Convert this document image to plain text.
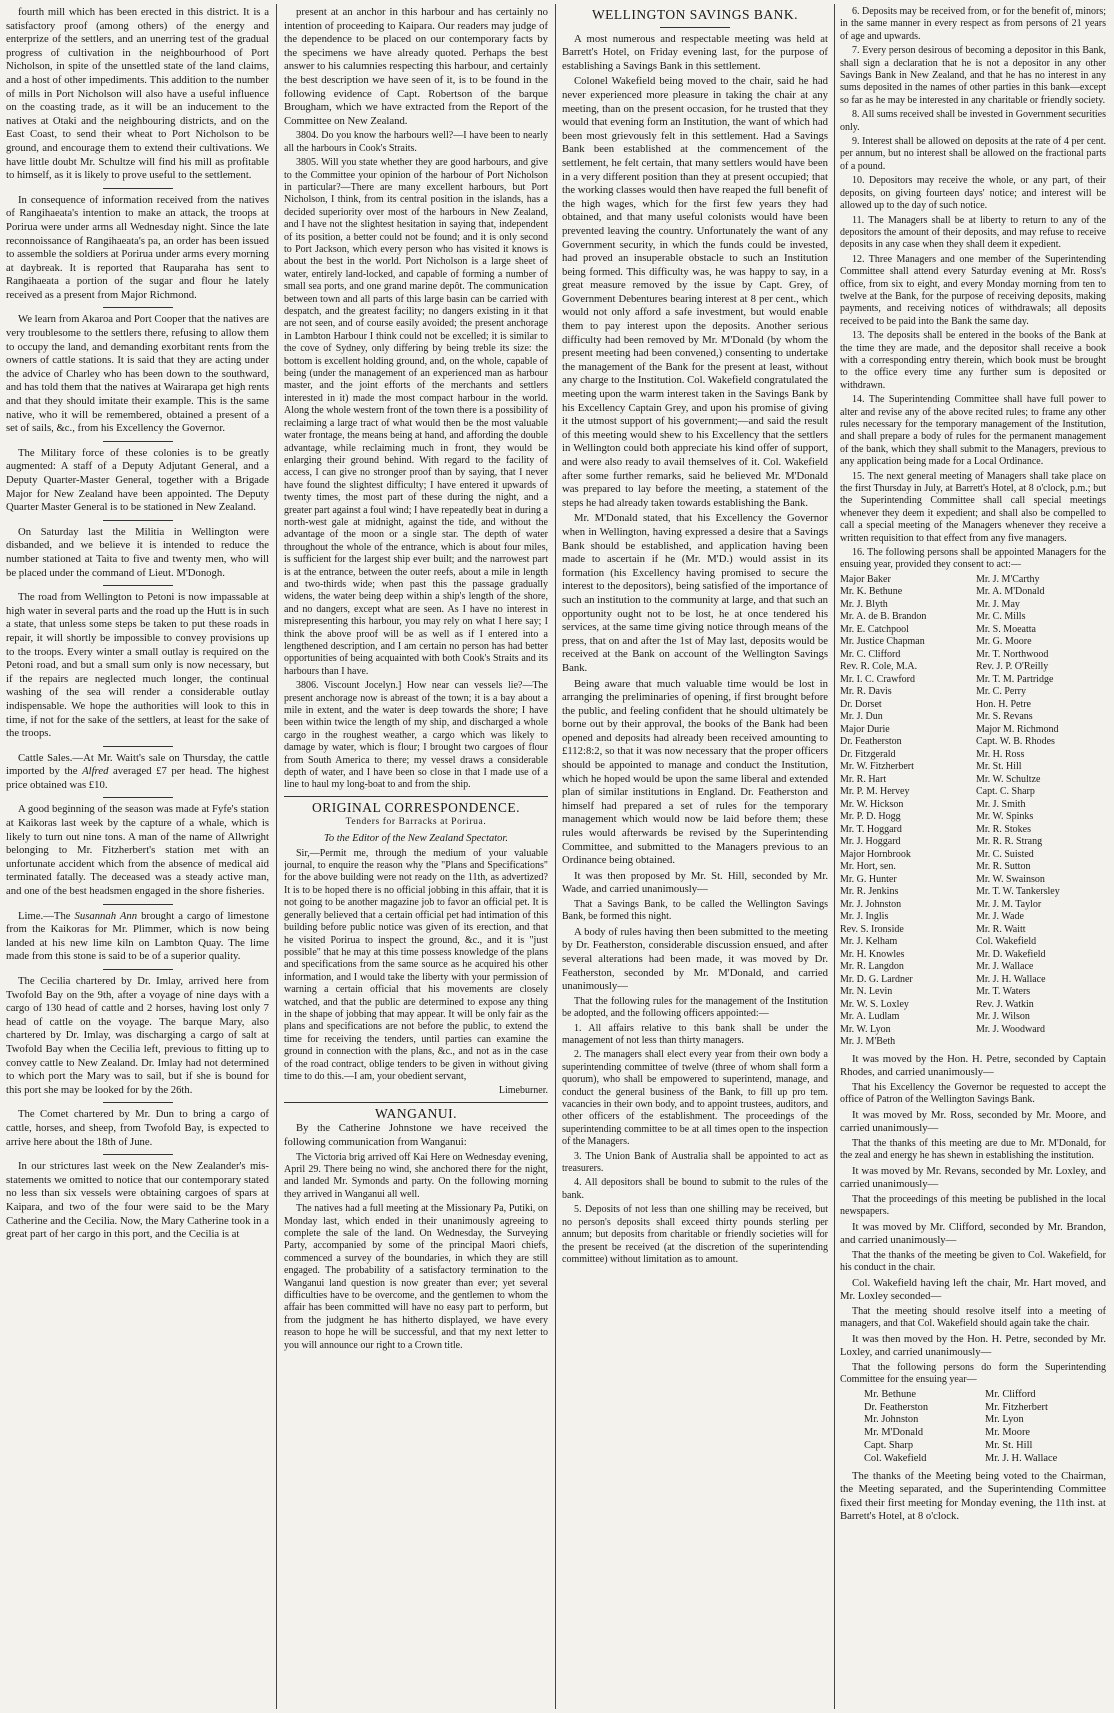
fourth mill which has been erected in this district. It is a satisfactory proof (among others) of the energy and enterprize of the settlers, and an unerring test of the gradual progress of cultivation in the neighbourhood of Port Nicholson, in spite of the unsettled state of the land claims, and a host of other impediments. This addition to the number of mills in Port Nicholson will also have a useful influence on the coasting trade, as it will be an inducement to the natives at Otaki and the neighbouring districts, and on the East Coast, to send their wheat to Port Nicholson to be ground, and encourage them to extend their cultivations. We have little doubt Mr. Schultze will find his mill as profitable to himself, as it is likely to prove useful to the settlement.

In consequence of information received from the natives of Rangihaeata's intention to make an attack, the troops at Porirua were under arms all Wednesday night. Since the late reconnoissance of Rangihaeata's pa, an order has been issued to assemble the soldiers at Porirua under arms every morning at daybreak. It is reported that Rauparaha has sent to Rangihaeata a portion of the sugar and flour he lately received as a present from Major Richmond.

We learn from Akaroa and Port Cooper that the natives are very troublesome to the settlers there, refusing to allow them to occupy the land, and demanding exorbitant rents from the owners of cattle stations. It is said that they are acting under the advice of Charley who has been down to the southward, and has told them that the natives at Wairarapa get high rents and that they should imitate their example. This is the same native, who it will be remembered, obtained a present of a set of sails, &c., from his Excellency the Governor.

The Military force of these colonies is to be greatly augmented: A staff of a Deputy Adjutant General, and a Deputy Quarter-Master General, together with a Brigade Major for New Zealand have been appointed. The Deputy Quarter Master General is to be stationed in New Zealand.

On Saturday last the Militia in Wellington were disbanded, and we believe it is intended to reduce the number stationed at Taita to five and twenty men, who will be placed under the command of Lieut. M'Donogh.

The road from Wellington to Petoni is now impassable at high water in several parts and the road up the Hutt is in such a state, that unless some steps be taken to put these roads in repair, it will shortly be impossible to convey provisions up to the troops. Every winter a small outlay is required on the Petoni road, and but a small sum only is now necessary, but if the repairs are neglected much longer, the continual washing of the sea will render a considerable outlay indispensable. We hope the authorities will look to this in time, if not for the sake of the settlers, at least for the sake of the troops.

Cattle Sales.—At Mr. Waitt's sale on Thursday, the cattle imported by the Alfred averaged £7 per head. The highest price obtained was £10.

A good beginning of the season was made at Fyfe's station at Kaikoras last week by the capture of a whale, which is likely to turn out nine tons. A man of the name of Allwright belonging to Mr. Fitzherbert's station met with an unfortunate accident which from the absence of medical aid terminated fatally. The deceased was a steady active man, and one of the best headsmen engaged in the shore fisheries.

Lime.—The Susannah Ann brought a cargo of limestone from the Kaikoras for Mr. Plimmer, which is now being landed at his new lime kiln on Lambton Quay. The lime made from this stone is said to be of a superior quality.

The Cecilia chartered by Dr. Imlay, arrived here from Twofold Bay on the 9th, after a voyage of nine days with a cargo of 130 head of cattle and 2 horses, having lost only 7 head of cattle on the voyage. The barque Mary, also chartered by Dr. Imlay, was discharging a cargo of salt at Twofold Bay when the Cecilia left, previous to fitting up to convey cattle to New Zealand. Dr. Imlay had not determined to which port the Mary was to sail, but if she is bound for this port she may be looked for by the 26th.

The Comet chartered by Mr. Dun to bring a cargo of cattle, horses, and sheep, from Twofold Bay, is expected to arrive here about the 18th of June.

In our strictures last week on the New Zealander's mis-statements we omitted to notice that our contemporary stated no less than six vessels were obtaining cargoes of spars at Kaipara, and two of the four were said to be the Mary Catherine and the Cecilia. Now, the Mary Catherine took in a great part of her cargo in this port, and the Cecilia is at

present at an anchor in this harbour and has certainly no intention of proceeding to Kaipara. Our readers may judge of the dependence to be placed on our contemporary facts by the specimens we have already quoted. Perhaps the best answer to his calumnies respecting this harbour, and certainly the best description we have seen of it, is to be found in the following evidence of Capt. Robertson of the barque Brougham, which we have extracted from the Report of the Committee on New Zealand.

3804. Do you know the harbours well?—I have been to nearly all the harbours in Cook's Straits.

3805. Will you state whether they are good harbours, and give to the Committee your opinion of the harbour of Port Nicholson in particular?—There are many excellent harbours, but Port Nicholson, I think, from its central position in the islands, has a decided superiority over most of the harbours in New Zealand, and I have not the slightest hesitation in saying that, independent of its position, a better could not be found; and it is only second to Port Jackson, which every person who has visited it knows is about the best in the world. Port Nicholson is a large sheet of water, entirely land-locked, and capable of forming a number of small sea ports, and one grand marine depôt. The communication between town and all parts of this large basin can be carried with despatch, and the greatest facility; no dangers existing in it that are not seen, and of course easily avoided; the present anchorage in Lambton Harbour I think could not be excelled; it is similar to the cove of Sydney, only differing by being treble its size: the bottom is excellent holding ground, and, on the whole, capable of being (under the management of an experienced man as harbour master, and the joint efforts of the merchants and settlers interested in it) made the most compact harbour in the world. Along the whole western front of the town there is a possibility of reclaiming a large tract of what would then be the most valuable water frontage, the means being at hand, and affording the double advantage, while reclaiming much in front, they would be enlarging their ground behind. With regard to the facility of access, I can give no stronger proof than by saying, that I never have found the slightest difficulty; I have entered it upwards of twenty times, the most part of these during the night, and a greater part against a foul wind; I have repeatedly beat in during a north-west gale at midnight, against the tide, and without the advantage of the moon or a single star. The depth of water throughout the whole of the entrance, which is about four miles, is sufficient for the largest ship ever built; and the narrowest part is at the entrance, between the outer reefs, about a mile in length and two-thirds wide; when past this the passage gradually widens, the water being deep within a ship's length of the shore, and no dangers, except what are seen. As I have no interest in misrepresenting this harbour, you may rely on what I here say; I think the above proof will be as well as if I entered into a lengthened description, and I am certain no person has had better opportunities of being acquainted with both Cook's Straits and its harbours than I have.

3806. Viscount Jocelyn.] How near can vessels lie?—The present anchorage now is abreast of the town; it is a bay about a mile in extent, and the water is deep towards the shore; I have been within twice the length of my ship, and discharged a whole cargo in the roughest weather, a cargo which was likely to damage by water, which is flour; I brought two cargoes of flour from South America to there; my vessel draws a considerable depth of water, and I have been so close in that I made use of a line to haul my long-boat to and from the ship.

ORIGINAL CORRESPONDENCE.
Tenders for Barracks at Porirua.
To the Editor of the New Zealand Spectator.

Sir,—Permit me, through the medium of your valuable journal, to enquire the reason why the "Plans and Specifications" for the above building were not ready on the 11th, as advertized? It is to be hoped there is no official jobbing in this affair, that it is not going to be another magazine job to favor an official pet. It is generally believed that a certain official pet had intimation of this building before public notice was given of its erection, and that he visited Porirua to inspect the ground, &c., and it is "just possible" that he may at this time possess knowledge of the plans and specifications from the same source as he acquired his other information, and I would take the liberty with your permission of warning a certain official that his movements are closely watched, and that the public are determined to expose any thing in the shape of jobbing that may appear. It will be only fair as the plans and specifications are not before the public, to extend the time for receiving the tenders, until parties can examine the ground in connection with the plans, &c., and not as in the case of the road contract, oblige tenders to be given in without giving time to do this.—I am, your obedient servant,

Limeburner.

WANGANUI.

By the Catherine Johnstone we have received the following communication from Wanganui:

The Victoria brig arrived off Kai Here on Wednesday evening, April 29. There being no wind, she anchored there for the night, and landed Mr. Symonds and party. On the following morning they arrived in Wanganui all well.

The natives had a full meeting at the Missionary Pa, Putiki, on Monday last, which ended in their unanimously agreeing to complete the sale of the land. On Wednesday, the Surveying Party, accompanied by some of the principal Maori chiefs, commenced a survey of the boundaries, in which they are still engaged. The probability of a satisfactory termination to the Wanganui land question is now greater than ever; yet several difficulties have to be overcome, and the gentlemen to whom the affair has been committed will have no easy part to perform, but from the judgment he has hitherto displayed, we have every reason to hope he will be successful, and that my next letter to you will announce our right to a Crown title.

WELLINGTON SAVINGS BANK.

A most numerous and respectable meeting was held at Barrett's Hotel, on Friday evening last, for the purpose of establishing a Savings Bank in this settlement.

Colonel Wakefield being moved to the chair, said he had never experienced more pleasure in taking the chair at any meeting, than on the present occasion, for he trusted that they would that evening form an Institution, the want of which had been most grievously felt in this settlement. Had a Savings Bank been established at the commencement of the settlement, he felt certain, that many settlers would have been in a very different position than they at present occupied; that the working classes would then have reaped the full benefit of the high wages, which for the first few years they had obtained, and that many useful colonists would have been prevented leaving the country. Unfortunately the want of any Government security, in which the funds could be invested, had proved an insuperable obstacle to such an Institution being formed. This difficulty was, he was happy to say, in a great measure removed by the issue by Capt. Grey, of Government Debentures bearing interest at 8 per cent., which would not only afford a safe investment, but would enable them to pay interest upon the deposits. Another serious difficulty had been removed by Mr. M'Donald (by whom the present meeting had been convened,) consenting to undertake the management of the Bank for the present at least, without any charge to the Institution. Col. Wakefield congratulated the meeting upon the warm interest taken in the Savings Bank by his Excellency Captain Grey, and upon his promise of giving it the utmost support of his government;—and said the result of this meeting would shew to his Excellency that the settlers in Wellington could both appreciate his kind offer of support, and were also ready to avail themselves of it. Col. Wakefield after some further remarks, said he believed Mr. M'Donald was prepared to lay before the meeting, a statement of the steps he had already taken towards establishing the Bank.

Mr. M'Donald stated, that his Excellency the Governor when in Wellington, having expressed a desire that a Savings Bank should be established, and application having been made to ascertain if he (Mr. M'D.) would assist in its formation (his Excellency having promised to secure the interest to the depositors), being satisfied of the importance of such an institution to the community at large, and that such an opportunity ought not to be lost, he at once tendered his services, at the same time giving notice through means of the press, that on and after the 1st of May last, deposits would be received at the Bank on account of the Wellington Savings Bank.

Being aware that much valuable time would be lost in arranging the preliminaries of opening, if first brought before the public, and feeling confident that he should ultimately be borne out by their approval, the books of the Bank had been opened and deposits had already been received amounting to £112:8:2, so that it was now necessary that the proper officers should be appointed to manage and conduct the Institution, which he hoped would be upon the same liberal and extended plan of similar institutions in England. Dr. Featherston and himself had prepared a set of rules for the temporary management which would now be laid before them; these rules would afterwards be revised by the Superintending Committee, and submitted to the Managers previous to an Ordinance being obtained.

It was then proposed by Mr. St. Hill, seconded by Mr. Wade, and carried unanimously—

That a Savings Bank, to be called the Wellington Savings Bank, be formed this night.

A body of rules having then been submitted to the meeting by Dr. Featherston, considerable discussion ensued, and after several alterations had been made, it was moved by Dr. Featherston, seconded by Mr. M'Donald, and carried unanimously—

That the following rules for the management of the Institution be adopted, and the following officers appointed:—

1. All affairs relative to this bank shall be under the management of not less than thirty managers.

2. The managers shall elect every year from their own body a superintending committee of twelve (three of whom shall form a quorum), who shall be empowered to superintend, manage, and conduct the general business of the Bank, to fill up pro tem. vacancies in their own body, and to appoint trustees, auditors, and other officers of the establishment. The proceedings of the superintending committee to be at all times open to the inspection of the Managers.

3. The Union Bank of Australia shall be appointed to act as treasurers.

4. All depositors shall be bound to submit to the rules of the bank.

5. Deposits of not less than one shilling may be received, but no person's deposits shall exceed thirty pounds sterling per annum; but deposits from charitable or friendly societies will for the present be received (at the discretion of the superintending committee) without limitation as to amount.

6. Deposits may be received from, or for the benefit of, minors; in the same manner in every respect as from persons of 21 years of age and upwards.

7. Every person desirous of becoming a depositor in this Bank, shall sign a declaration that he is not a depositor in any other Savings Bank in New Zealand, and that he has no interest in any sums deposited in the names of other parties in this bank—except so far as he may be interested in any charitable or friendly society.

8. All sums received shall be invested in Government securities only.

9. Interest shall be allowed on deposits at the rate of 4 per cent. per annum, but no interest shall be allowed on the fractional parts of a pound.

10. Depositors may receive the whole, or any part, of their deposits, on giving fourteen days' notice; and interest will be allowed up to the day of such notice.

11. The Managers shall be at liberty to return to any of the depositors the amount of their deposits, and may refuse to receive deposits in any case when they shall deem it expedient.

12. Three Managers and one member of the Superintending Committee shall attend every Saturday evening at Mr. Ross's office, from six to eight, and every Monday morning from ten to twelve at the Bank, for the purpose of receiving deposits, making payments, and receiving notices of withdrawals; all deposits received to be paid into the Bank the same day.

13. The deposits shall be entered in the books of the Bank at the time they are made, and the depositor shall receive a book with a corresponding entry therein, which book must be brought to the office every time any further sum is deposited or withdrawn.

14. The Superintending Committee shall have full power to alter and revise any of the above recited rules; to frame any other rules necessary for the temporary management of the Institution, and shall prepare a body of rules for the permanent management of the bank, which they shall submit to the Managers, previous to any application being made for a Local Ordinance.

15. The next general meeting of Managers shall take place on the first Thursday in July, at Barrett's Hotel, at 8 o'clock, p.m.; but the Superintending Committee shall call special meetings whenever they deem it expedient; and shall also be compelled to call a special meeting of the Managers whenever they receive a written requisition to that effect from any five managers.

16. The following persons shall be appointed Managers for the ensuing year, provided they consent to act:—

Major Baker	Mr. J. M'Carthy
Mr. K. Bethune	Mr. A. M'Donald
Mr. J. Blyth	Mr. J. May
Mr. A. de B. Brandon	Mr. C. Mills
Mr. E. Catchpool	Mr. S. Moeatta
Mr. Justice Chapman	Mr. G. Moore
Mr. C. Clifford	Mr. T. Northwood
Rev. R. Cole, M.A.	Rev. J. P. O'Reilly
Mr. I. C. Crawford	Mr. T. M. Partridge
Mr. R. Davis	Mr. C. Perry
Dr. Dorset	Hon. H. Petre
Mr. J. Dun	Mr. S. Revans
Major Durie	Major M. Richmond
Dr. Featherston	Capt. W. B. Rhodes
Dr. Fitzgerald	Mr. H. Ross
Mr. W. Fitzherbert	Mr. St. Hill
Mr. R. Hart	Mr. W. Schultze
Mr. P. M. Hervey	Capt. C. Sharp
Mr. W. Hickson	Mr. J. Smith
Mr. P. D. Hogg	Mr. W. Spinks
Mr. T. Hoggard	Mr. R. Stokes
Mr. J. Hoggard	Mr. R. R. Strang
Major Hornbrook	Mr. C. Suisted
Mr. Hort, sen.	Mr. R. Sutton
Mr. G. Hunter	Mr. W. Swainson
Mr. R. Jenkins	Mr. T. W. Tankersley
Mr. J. Johnston	Mr. J. M. Taylor
Mr. J. Inglis	Mr. J. Wade
Rev. S. Ironside	Mr. R. Waitt
Mr. J. Kelham	Col. Wakefield
Mr. H. Knowles	Mr. D. Wakefield
Mr. R. Langdon	Mr. J. Wallace
Mr. D. G. Lardner	Mr. J. H. Wallace
Mr. N. Levin	Mr. T. Waters
Mr. W. S. Loxley	Rev. J. Watkin
Mr. A. Ludlam	Mr. J. Wilson
Mr. W. Lyon	Mr. J. Woodward
Mr. J. M'Beth

It was moved by the Hon. H. Petre, seconded by Captain Rhodes, and carried unanimously—

That his Excellency the Governor be requested to accept the office of Patron of the Wellington Savings Bank.

It was moved by Mr. Ross, seconded by Mr. Moore, and carried unanimously—

That the thanks of this meeting are due to Mr. M'Donald, for the zeal and energy he has shewn in establishing the institution.

It was moved by Mr. Revans, seconded by Mr. Loxley, and carried unanimously—

That the proceedings of this meeting be published in the local newspapers.

It was moved by Mr. Clifford, seconded by Mr. Brandon, and carried unanimously—

That the thanks of the meeting be given to Col. Wakefield, for his conduct in the chair.

Col. Wakefield having left the chair, Mr. Hart moved, and Mr. Loxley seconded—

That the meeting should resolve itself into a meeting of managers, and that Col. Wakefield should again take the chair.

It was then moved by the Hon. H. Petre, seconded by Mr. Loxley, and carried unanimously—

That the following persons do form the Superintending Committee for the ensuing year—

Mr. Bethune	Mr. Clifford
Dr. Featherston	Mr. Fitzherbert
Mr. Johnston	Mr. Lyon
Mr. M'Donald	Mr. Moore
Capt. Sharp	Mr. St. Hill
Col. Wakefield	Mr. J. H. Wallace

The thanks of the Meeting being voted to the Chairman, the Meeting separated, and the Superintending Committee fixed their first meeting for Monday evening, the 11th inst. at Barrett's Hotel, at 8 o'clock.
